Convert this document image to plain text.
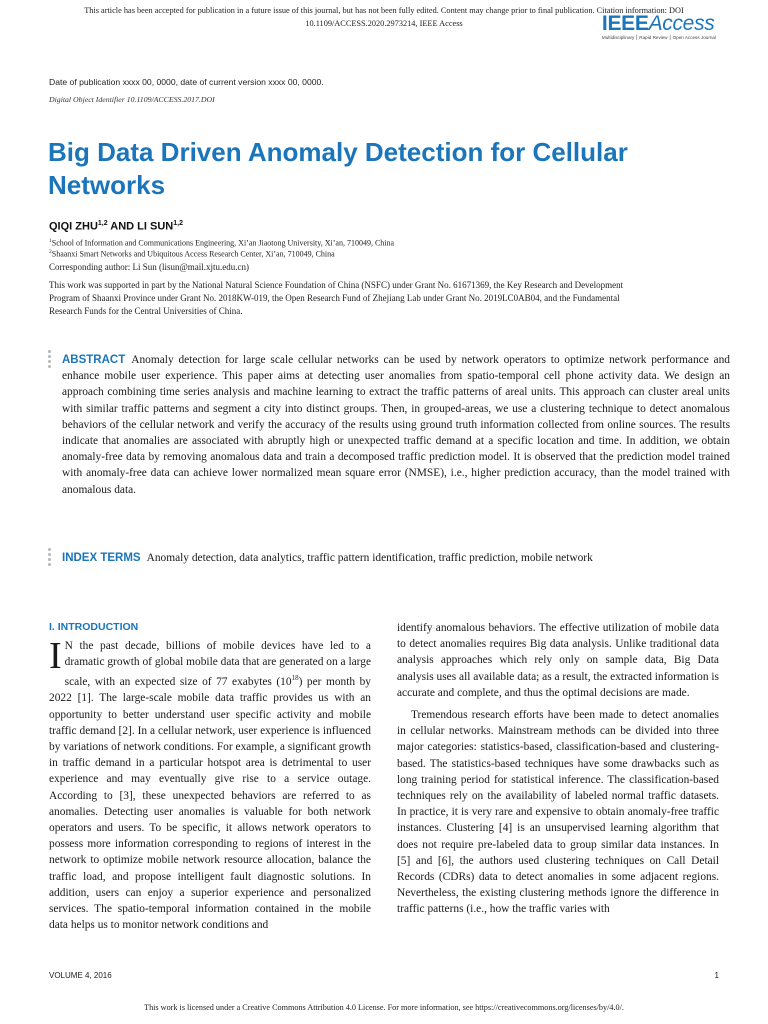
This article has been accepted for publication in a future issue of this journal, but has not been fully edited. Content may change prior to final publication. Citation information: DOI
10.1109/ACCESS.2020.2973214, IEEE Access	IEEEAccess
Multidisciplinary ⎮ Rapid Review ⎮ Open Access Journal
Date of publication xxxx 00, 0000, date of current version xxxx 00, 0000.
Digital Object Identifier 10.1109/ACCESS.2017.DOI
Big Data Driven Anomaly Detection for Cellular Networks
QIQI ZHU$^{1,2}$ AND LI SUN$^{1,2}$
$^1$School of Information and Communications Engineering, Xi’an Jiaotong University, Xi’an, 710049, China
$^2$Shaanxi Smart Networks and Ubiquitous Access Research Center, Xi’an, 710049, China
Corresponding author: Li Sun (lisun@mail.xjtu.edu.cn)
This work was supported in part by the National Natural Science Foundation of China (NSFC) under Grant No. 61671369, the Key Research and Development Program of Shaanxi Province under Grant No. 2018KW-019, the Open Research Fund of Zhejiang Lab under Grant No. 2019LC0AB04, and the Fundamental Research Funds for the Central Universities of China.
ABSTRACT Anomaly detection for large scale cellular networks can be used by network operators to optimize network performance and enhance mobile user experience. This paper aims at detecting user anomalies from spatio-temporal cell phone activity data. We design an approach combining time series analysis and machine learning to extract the traffic patterns of areal units. This approach can cluster areal units with similar traffic patterns and segment a city into distinct groups. Then, in grouped-areas, we use a clustering technique to detect anomalous behaviors of the cellular network and verify the accuracy of the results using ground truth information collected from online sources. The results indicate that anomalies are associated with abruptly high or unexpected traffic demand at a specific location and time. In addition, we obtain anomaly-free data by removing anomalous data and train a decomposed traffic prediction model. It is observed that the prediction model trained with anomaly-free data can achieve lower normalized mean square error (NMSE), i.e., higher prediction accuracy, than the model trained with anomalous data.
INDEX TERMS Anomaly detection, data analytics, traffic pattern identification, traffic prediction, mobile network
I. INTRODUCTION

I N the past decade, billions of mobile devices have led to a dramatic growth of global mobile data that are generated on a large scale, with an expected size of 77 exabytes $(10^{18})$ per month by 2022 [1]. The large-scale mobile data traffic provides us with an opportunity to better understand user specific activity and mobile traffic demand [2]. In a cellular network, user experience is influenced by variations of network conditions. For example, a significant growth in traffic demand in a particular hotspot area is detrimental to user experience and may eventually give rise to a service outage. According to [3], these unexpected behaviors are referred to as anomalies. Detecting user anomalies is valuable for both network operators and users. To be specific, it allows network operators to possess more information corresponding to regions of interest in the network to optimize mobile network resource allocation, balance the traffic load, and propose intelligent fault diagnostic solutions. In addition, users can enjoy a superior experience and personalized services. The spatio-temporal information contained in the mobile data helps us to monitor network conditions and

identify anomalous behaviors. The effective utilization of mobile data to detect anomalies requires Big data analysis. Unlike traditional data analysis approaches which rely only on sample data, Big Data analysis uses all available data; as a result, the extracted information is accurate and complete, and thus the optimal decisions are made.

Tremendous research efforts have been made to detect anomalies in cellular networks. Mainstream methods can be divided into three major categories: statistics-based, classification-based and clustering-based. The statistics-based techniques have some drawbacks such as long training period for statistical inference. The classification-based techniques rely on the availability of labeled normal traffic datasets. In practice, it is very rare and expensive to obtain anomaly-free traffic instances. Clustering [4] is an unsupervised learning algorithm that does not require pre-labeled data to group similar data instances. In [5] and [6], the authors used clustering techniques on Call Detail Records (CDRs) data to detect anomalies in some adjacent regions. Nevertheless, the existing clustering methods ignore the difference in traffic patterns (i.e., how the traffic varies with

VOLUME 4, 2016	1
This work is licensed under a Creative Commons Attribution 4.0 License. For more information, see https://creativecommons.org/licenses/by/4.0/.
